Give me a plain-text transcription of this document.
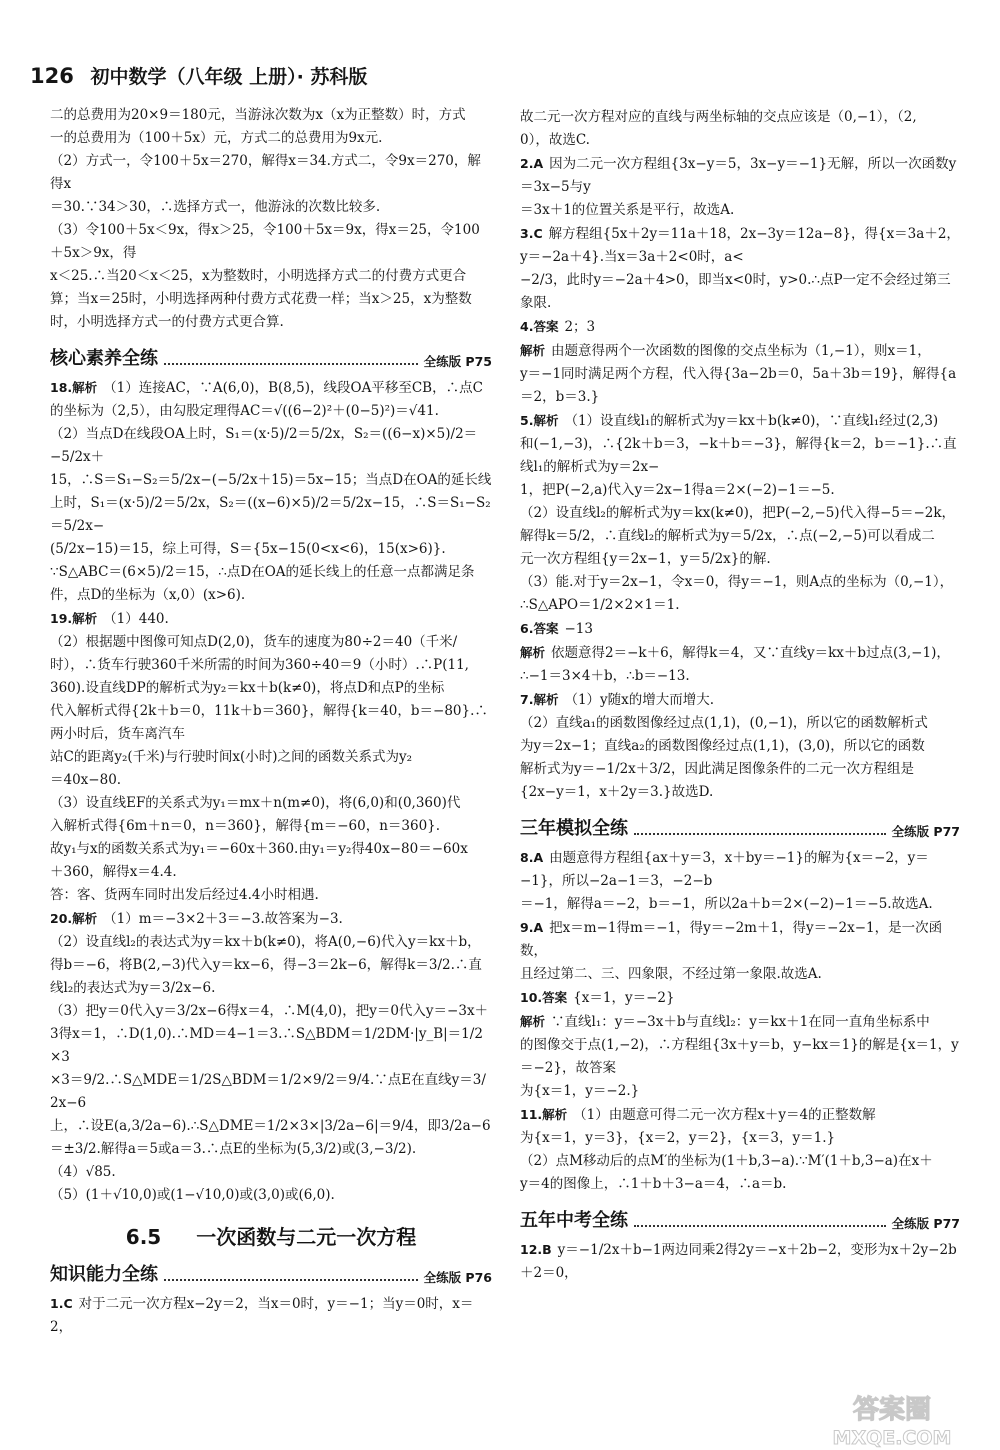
126 初中数学（八年级 上册）· 苏科版

二的总费用为20×9＝180元，当游泳次数为x（x为正整数）时，方式

一的总费用为（100＋5x）元，方式二的总费用为9x元.

（2）方式一，令100＋5x＝270，解得x＝34.方式二，令9x＝270，解得x

＝30.∵34＞30，∴选择方式一，他游泳的次数比较多.

（3）令100＋5x＜9x，得x＞25，令100＋5x＝9x，得x＝25，令100＋5x＞9x，得

x＜25.∴当20＜x＜25，x为整数时，小明选择方式二的付费方式更合

算；当x＝25时，小明选择两种付费方式花费一样；当x＞25，x为整数

时，小明选择方式一的付费方式更合算.

核心素养全练	全练版 P75

18.解析 （1）连接AC，∵A(6,0)，B(8,5)，线段OA平移至CB，∴点C

的坐标为（2,5），由勾股定理得AC＝√((6−2)²＋(0−5)²)＝√41.

（2）当点D在线段OA上时，S₁＝(x·5)/2＝5/2x，S₂＝((6−x)×5)/2＝−5/2x＋

15，∴S＝S₁−S₂＝5/2x−(−5/2x＋15)＝5x−15；当点D在OA的延长线

上时，S₁＝(x·5)/2＝5/2x，S₂＝((x−6)×5)/2＝5/2x−15，∴S＝S₁−S₂＝5/2x−

(5/2x−15)＝15，综上可得，S＝{5x−15(0<x<6)，15(x>6)}.

∵S△ABC＝(6×5)/2＝15，∴点D在OA的延长线上的任意一点都满足条

件，点D的坐标为（x,0）(x>6).

19.解析 （1）440.

（2）根据题中图像可知点D(2,0)，货车的速度为80÷2＝40（千米/

时），∴货车行驶360千米所需的时间为360÷40＝9（小时）.∴P(11,

360).设直线DP的解析式为y₂＝kx＋b(k≠0)，将点D和点P的坐标

代入解析式得{2k＋b＝0，11k＋b＝360}，解得{k＝40，b＝−80}.∴两小时后，货车离汽车

站C的距离y₂(千米)与行驶时间x(小时)之间的函数关系式为y₂

＝40x−80.

（3）设直线EF的关系式为y₁＝mx＋n(m≠0)，将(6,0)和(0,360)代

入解析式得{6m＋n＝0，n＝360}，解得{m＝−60，n＝360}.

故y₁与x的函数关系式为y₁＝−60x＋360.由y₁＝y₂得40x−80＝−60x

＋360，解得x＝4.4.

答：客、货两车同时出发后经过4.4小时相遇.

20.解析 （1）m＝−3×2＋3＝−3.故答案为−3.

（2）设直线l₂的表达式为y＝kx＋b(k≠0)，将A(0,−6)代入y＝kx＋b，

得b＝−6，将B(2,−3)代入y＝kx−6，得−3＝2k−6，解得k＝3/2.∴直

线l₂的表达式为y＝3/2x−6.

（3）把y＝0代入y＝3/2x−6得x＝4，∴M(4,0)，把y＝0代入y＝−3x＋

3得x＝1，∴D(1,0).∴MD＝4−1＝3.∴S△BDM＝1/2DM·|y_B|＝1/2×3

×3＝9/2.∴S△MDE＝1/2S△BDM＝1/2×9/2＝9/4.∵点E在直线y＝3/2x−6

上，∴设E(a,3/2a−6).∴S△DME＝1/2×3×|3/2a−6|＝9/4，即3/2a−6

＝±3/2.解得a＝5或a＝3.∴点E的坐标为(5,3/2)或(3,−3/2).

（4）√85.

（5）(1＋√10,0)或(1−√10,0)或(3,0)或(6,0).

6.5 一次函数与二元一次方程
知识能力全练	全练版 P76

1.C 对于二元一次方程x−2y＝2，当x＝0时，y＝−1；当y＝0时，x＝2，

故二元一次方程对应的直线与两坐标轴的交点应该是（0,−1），（2,

0），故选C.

2.A 因为二元一次方程组{3x−y＝5，3x−y＝−1}无解，所以一次函数y＝3x−5与y

＝3x＋1的位置关系是平行，故选A.

3.C 解方程组{5x＋2y＝11a＋18，2x−3y＝12a−8}，得{x＝3a＋2，y＝−2a＋4}.当x＝3a＋2<0时，a<

−2/3，此时y＝−2a＋4>0，即当x<0时，y>0.∴点P一定不会经过第三

象限.

4.答案 2；3

解析 由题意得两个一次函数的图像的交点坐标为（1,−1），则x＝1，

y＝−1同时满足两个方程，代入得{3a−2b＝0，5a＋3b＝19}，解得{a＝2，b＝3.}

5.解析 （1）设直线l₁的解析式为y＝kx＋b(k≠0)，∵直线l₁经过(2,3)

和(−1,−3)，∴{2k＋b＝3，−k＋b＝−3}，解得{k＝2，b＝−1}.∴直线l₁的解析式为y＝2x−

1，把P(−2,a)代入y＝2x−1得a＝2×(−2)−1＝−5.

（2）设直线l₂的解析式为y＝kx(k≠0)，把P(−2,−5)代入得−5＝−2k，

解得k＝5/2，∴直线l₂的解析式为y＝5/2x，∴点(−2,−5)可以看成二

元一次方程组{y＝2x−1，y＝5/2x}的解.

（3）能.对于y＝2x−1，令x＝0，得y＝−1，则A点的坐标为（0,−1），

∴S△APO＝1/2×2×1＝1.

6.答案 −13

解析 依题意得2＝−k＋6，解得k＝4，又∵直线y＝kx＋b过点(3,−1)，

∴−1＝3×4＋b，∴b＝−13.

7.解析 （1）y随x的增大而增大.

（2）直线a₁的函数图像经过点(1,1)，(0,−1)，所以它的函数解析式

为y＝2x−1；直线a₂的函数图像经过点(1,1)，(3,0)，所以它的函数

解析式为y＝−1/2x＋3/2，因此满足图像条件的二元一次方程组是

{2x−y＝1，x＋2y＝3.}故选D.

三年模拟全练	全练版 P77

8.A 由题意得方程组{ax＋y＝3，x＋by＝−1}的解为{x＝−2，y＝−1}，所以−2a−1＝3，−2−b

＝−1，解得a＝−2，b＝−1，所以2a＋b＝2×(−2)−1＝−5.故选A.

9.A 把x＝m−1得m＝−1，得y＝−2m＋1，得y＝−2x−1，是一次函数，

且经过第二、三、四象限，不经过第一象限.故选A.

10.答案 {x＝1，y＝−2}

解析 ∵直线l₁：y＝−3x＋b与直线l₂：y＝kx＋1在同一直角坐标系中

的图像交于点(1,−2)，∴方程组{3x＋y＝b，y−kx＝1}的解是{x＝1，y＝−2}，故答案

为{x＝1，y＝−2.}

11.解析 （1）由题意可得二元一次方程x＋y＝4的正整数解

为{x＝1，y＝3}，{x＝2，y＝2}，{x＝3，y＝1.}

（2）点M移动后的点M′的坐标为(1＋b,3−a).∵M′(1＋b,3−a)在x＋

y＝4的图像上，∴1＋b＋3−a＝4，∴a＝b.

五年中考全练	全练版 P77

12.B y＝−1/2x＋b−1两边同乘2得2y＝−x＋2b−2，变形为x＋2y−2b＋2＝0，

答案圈
MXQE.COM
